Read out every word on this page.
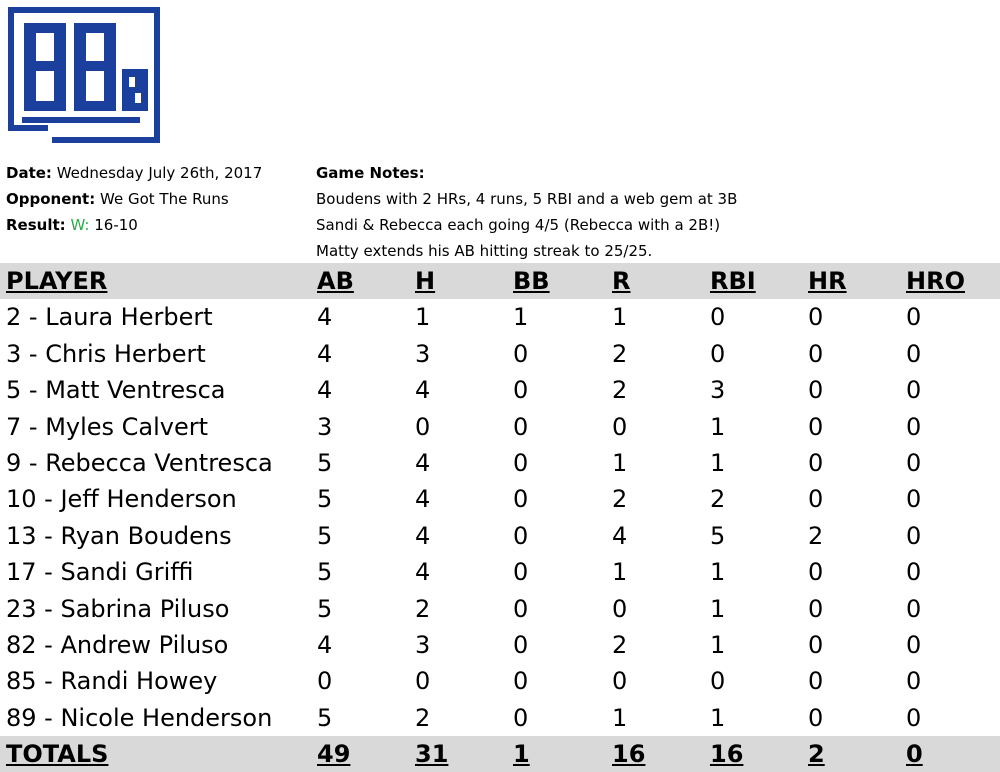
Date: Wednesday July 26th, 2017
Opponent: We Got The Runs
Result: W: 16-10
Game Notes:
Boudens with 2 HRs, 4 runs, 5 RBI and a web gem at 3B
Sandi & Rebecca each going 4/5 (Rebecca with a 2B!)
Matty extends his AB hitting streak to 25/25.
PLAYER	AB	H	BB	R	RBI HR HRO
2 - Laura Herbert	4	1	1	1	0	0	0
3 - Chris Herbert	4	3	0	2	0	0	0
5 - Matt Ventresca	4	4	0	2	3	0	0
7 - Myles Calvert	3	0	0	0	1	0	0
9 - Rebecca Ventresca 5	4	0	1	1	0	0
10 - Jeff Henderson	5	4	0	2	2	0	0
13 - Ryan Boudens	5	4	0	4	5	2	0
17 - Sandi Griffi	5	4	0	1	1	0	0
23 - Sabrina Piluso	5	2	0	0	1	0	0
82 - Andrew Piluso	4	3	0	2	1	0	0
85 - Randi Howey	0	0	0	0	0	0	0
89 - Nicole Henderson 5	2	0	1	1	0	0
TOTALS	49	31	1	16	16	2	0
